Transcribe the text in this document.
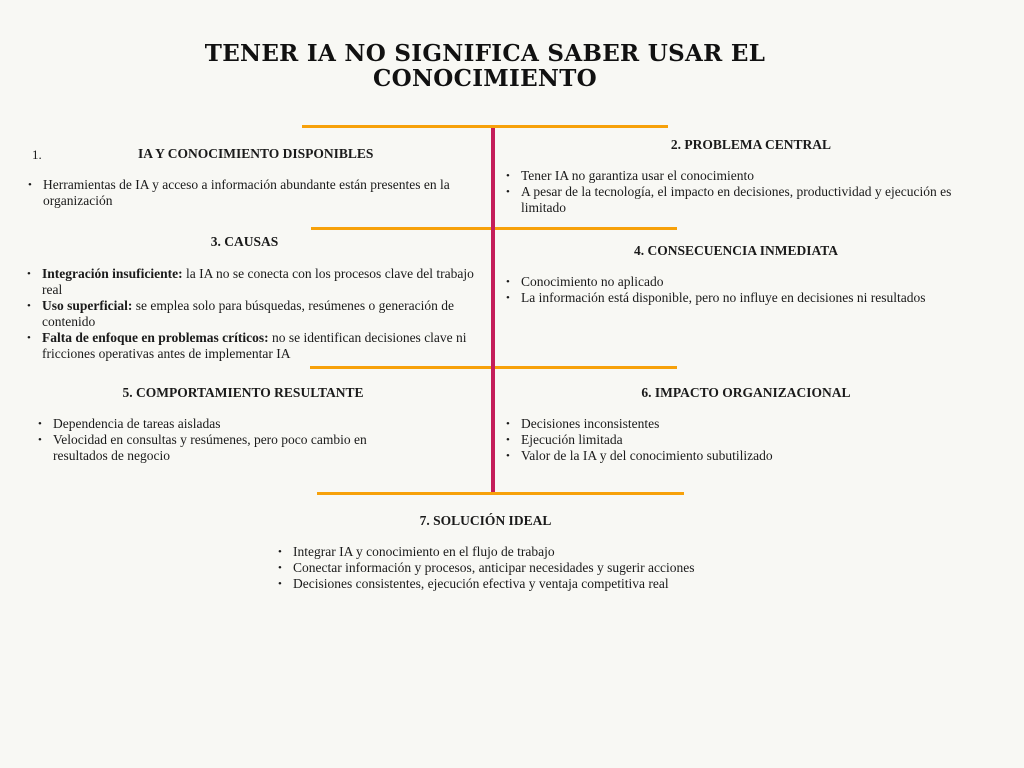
TENER IA NO SIGNIFICA SABER USAR EL
CONOCIMIENTO
1.	IA Y CONOCIMIENTO DISPONIBLES
• Herramientas de IA y acceso a información abundante están presentes en la organización
2. PROBLEMA CENTRAL
• Tener IA no garantiza usar el conocimiento
• A pesar de la tecnología, el impacto en decisiones, productividad y ejecución es limitado
3. CAUSAS
• Integración insuficiente: la IA no se conecta con los procesos clave del trabajo real
• Uso superficial: se emplea solo para búsquedas, resúmenes o generación de contenido
• Falta de enfoque en problemas críticos: no se identifican decisiones clave ni fricciones operativas antes de implementar IA
4. CONSECUENCIA INMEDIATA
• Conocimiento no aplicado
• La información está disponible, pero no influye en decisiones ni resultados
5. COMPORTAMIENTO RESULTANTE
• Dependencia de tareas aisladas
• Velocidad en consultas y resúmenes, pero poco cambio en resultados de negocio
6. IMPACTO ORGANIZACIONAL
• Decisiones inconsistentes
• Ejecución limitada
• Valor de la IA y del conocimiento subutilizado
7. SOLUCIÓN IDEAL
• Integrar IA y conocimiento en el flujo de trabajo
• Conectar información y procesos, anticipar necesidades y sugerir acciones
• Decisiones consistentes, ejecución efectiva y ventaja competitiva real
